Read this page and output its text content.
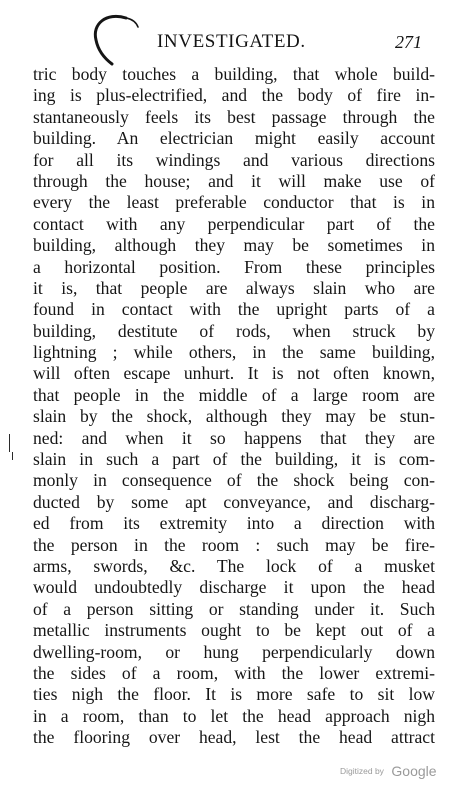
INVESTIGATED.	271
tric body touches a building, that whole build-
ing is plus-electrified, and the body of fire in-
stantaneously feels its best passage through the
building. An electrician might easily account
for all its windings and various directions
through the house; and it will make use of
every the least preferable conductor that is in
contact with any perpendicular part of the
building, although they may be sometimes in
a horizontal position. From these principles
it is, that people are always slain who are
found in contact with the upright parts of a
building, destitute of rods, when struck by
lightning ; while others, in the same building,
will often escape unhurt. It is not often known,
that people in the middle of a large room are
slain by the shock, although they may be stun-
ned: and when it so happens that they are
slain in such a part of the building, it is com-
monly in consequence of the shock being con-
ducted by some apt conveyance, and discharg-
ed from its extremity into a direction with
the person in the room : such may be fire-
arms, swords, &c. The lock of a musket
would undoubtedly discharge it upon the head
of a person sitting or standing under it. Such
metallic instruments ought to be kept out of a
dwelling-room, or hung perpendicularly down
the sides of a room, with the lower extremi-
ties nigh the floor. It is more safe to sit low
in a room, than to let the head approach nigh
the flooring over head, lest the head attract
Digitized by Google
